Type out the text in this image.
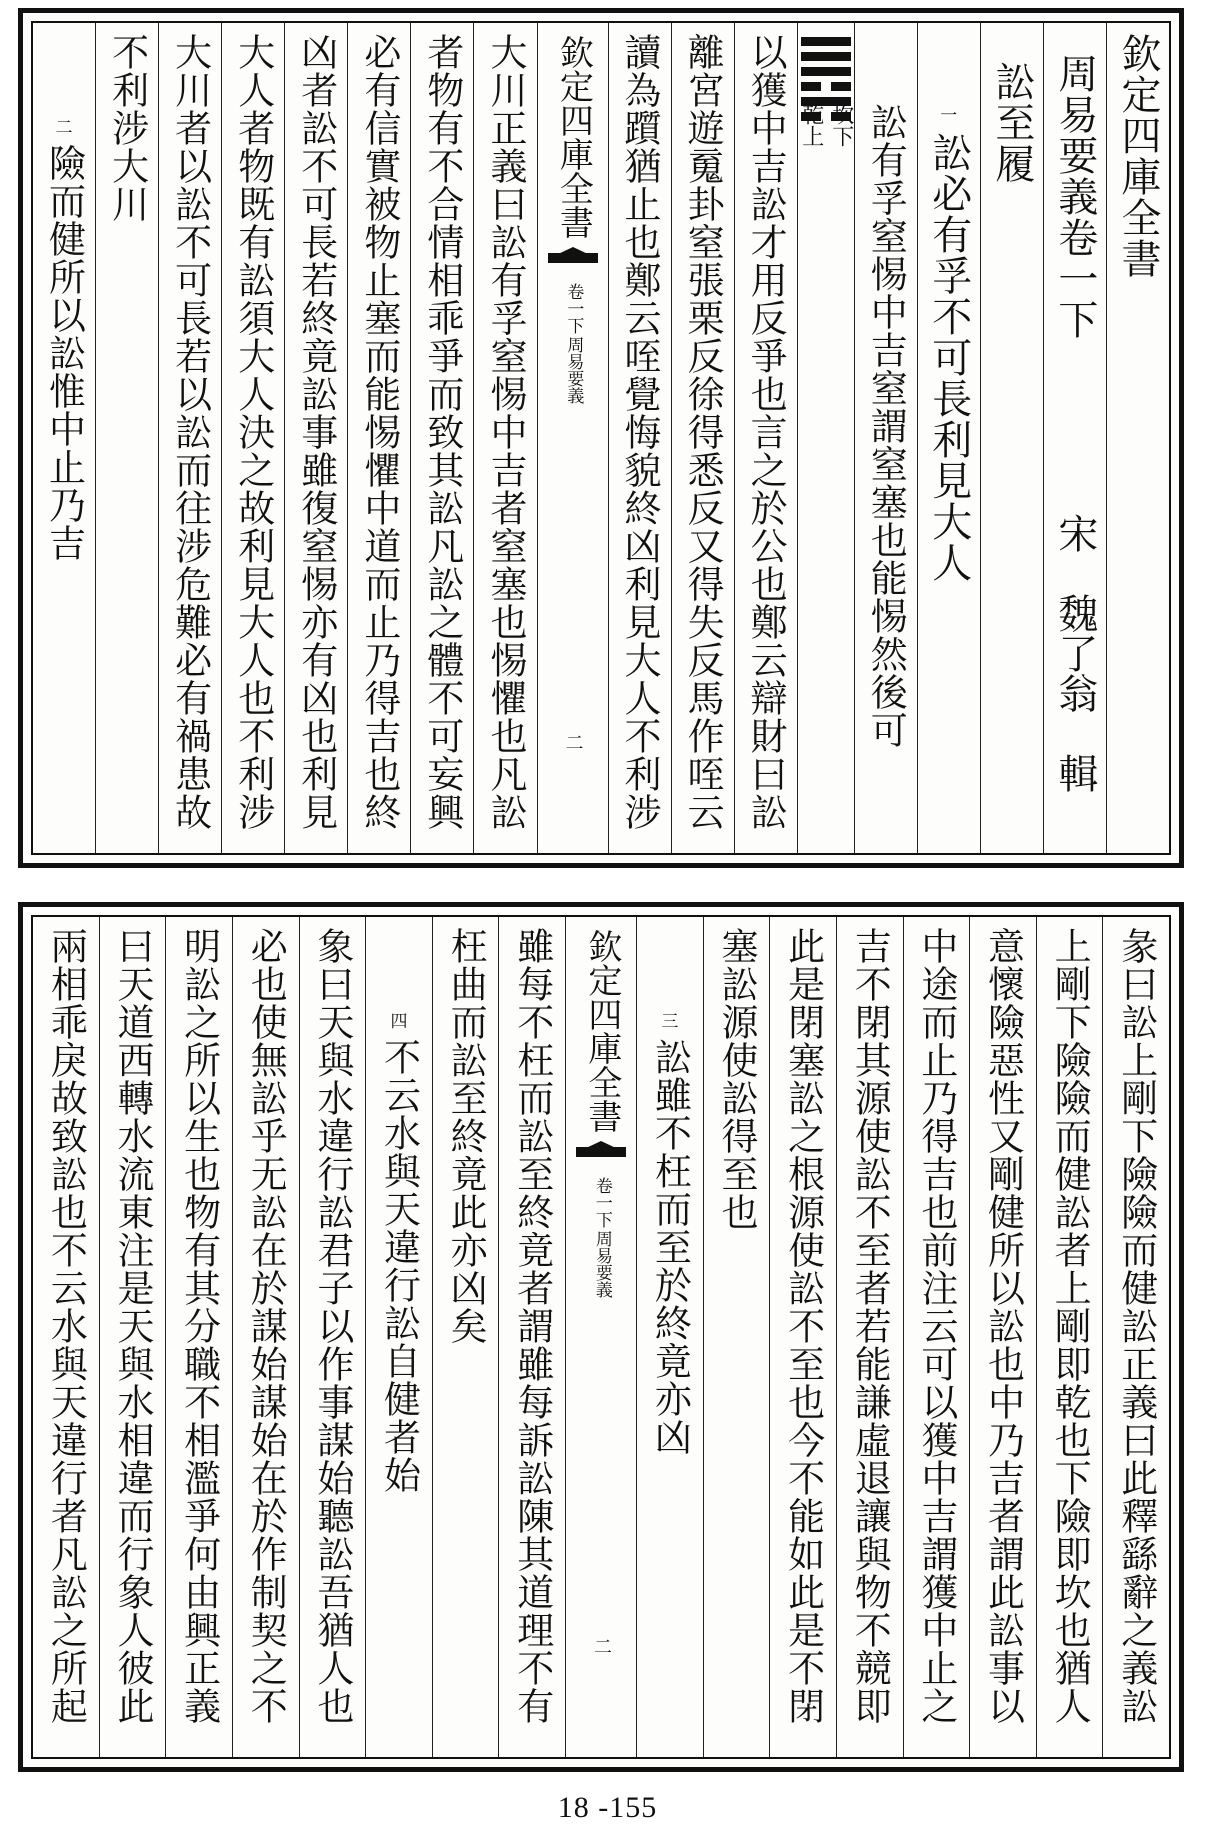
欽定四庫全書
周易要義卷一下
宋魏了翁輯
訟至履
一
訟必有孚不可長利見大人
訟有孚窒惕中吉窒謂窒塞也能惕然後可
坎下
乾上
以獲中吉訟才用反爭也言之於公也鄭云辯財曰訟
離宮遊䰟卦窒張栗反徐得悉反又得失反馬作咥云
讀為躓猶止也鄭云咥覺悔貌終凶利見大人不利涉
欽定四庫全書
周易要義
卷一下
二
大川正義曰訟有孚窒惕中吉者窒塞也惕懼也凡訟
者物有不合情相乖爭而致其訟凡訟之體不可妄興
必有信實被物止塞而能惕懼中道而止乃得吉也終
凶者訟不可長若終竟訟事雖復窒惕亦有凶也利見
大人者物既有訟須大人決之故利見大人也不利涉
大川者以訟不可長若以訟而往涉危難必有禍患故
不利涉大川
二
險而健所以訟惟中止乃吉
彖曰訟上剛下險險而健訟正義曰此釋繇辭之義訟
上剛下險險而健訟者上剛即乾也下險即坎也猶人
意懷險惡性又剛健所以訟也中乃吉者謂此訟事以
中途而止乃得吉也前注云可以獲中吉謂獲中止之
吉不閉其源使訟不至者若能謙虛退讓與物不競即
此是閉塞訟之根源使訟不至也今不能如此是不閉
塞訟源使訟得至也
三
訟雖不枉而至於終竟亦凶
欽定四庫全書
周易要義
卷一下
二
雖每不枉而訟至終竟者謂雖每訴訟陳其道理不有
枉曲而訟至終竟此亦凶矣
四
不云水與天違行訟自健者始
象曰天與水違行訟君子以作事謀始聽訟吾猶人也
必也使無訟乎无訟在於謀始謀始在於作制契之不
明訟之所以生也物有其分職不相濫爭何由興正義
曰天道西轉水流東注是天與水相違而行象人彼此
兩相乖戾故致訟也不云水與天違行者凡訟之所起
18 -155
